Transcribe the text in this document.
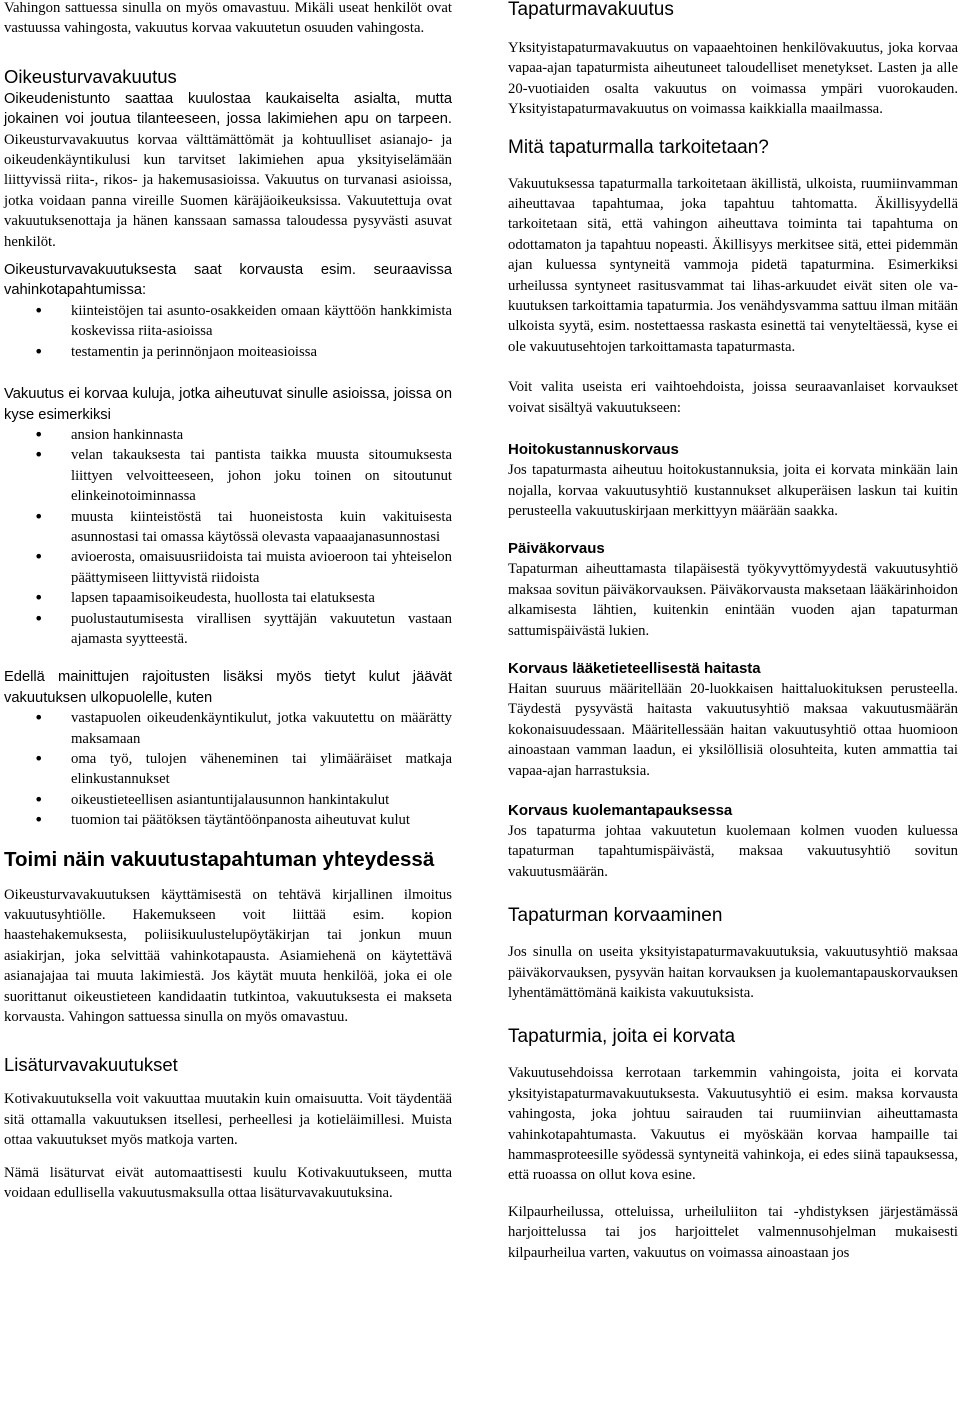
Vahingon sattuessa sinulla on myös omavastuu. Mikäli useat henkilöt ovat vastuussa vahingosta, vakuutus korvaa vakuutetun osuuden vahingosta.

Oikeusturvavakuutus

Oikeudenistunto saattaa kuulostaa kaukaiselta asialta, mutta jokainen voi joutua tilanteeseen, jossa lakimiehen apu on tarpeen. Oikeusturvavakuutus korvaa välttämättömät ja kohtuulliset asianajo- ja oikeudenkäyntikulusi kun tarvitset lakimiehen apua yksityiselämään liittyvissä riita-, rikos- ja hakemusasioissa. Vakuutus on turvanasi asioissa, jotka voidaan panna vireille Suomen käräjäoikeuksissa. Vakuutettuja ovat vakuutuksenottaja ja hänen kanssaan samassa taloudessa pysyvästi asuvat henkilöt.

Oikeusturvavakuutuksesta saat korvausta esim. seuraavissa vahinkotapahtumissa:

• kiinteistöjen tai asunto-osakkeiden omaan käyttöön hankkimista koskevissa riita-asioissa
• testamentin ja perinnönjaon moiteasioissa

Vakuutus ei korvaa kuluja, jotka aiheutuvat sinulle asioissa, joissa on kyse esimerkiksi

• ansion hankinnasta
• velan takauksesta tai pantista taikka muusta sitoumuksesta liittyen velvoitteeseen, johon joku toinen on sitoutunut elinkeinotoiminnassa
• muusta kiinteistöstä tai huoneistosta kuin vakituisesta asunnostasi tai omassa käytössä olevasta vapaaajanasunnostasi
• avioerosta, omaisuusriidoista tai muista avioeroon tai yhteiselon päättymiseen liittyvistä riidoista
• lapsen tapaamisoikeudesta, huollosta tai elatuksesta
• puolustautumisesta virallisen syyttäjän vakuutetun vastaan ajamasta syytteestä.

Edellä mainittujen rajoitusten lisäksi myös tietyt kulut jäävät vakuutuksen ulkopuolelle, kuten

• vastapuolen oikeudenkäyntikulut, jotka vakuutettu on määrätty maksamaan
• oma työ, tulojen väheneminen tai ylimääräiset matkaja elinkustannukset
• oikeustieteellisen asiantuntijalausunnon hankintakulut
• tuomion tai päätöksen täytäntöönpanosta aiheutuvat kulut
Toimi näin vakuutustapahtuman yhteydessä

Oikeusturvavakuutuksen käyttämisestä on tehtävä kirjallinen ilmoitus vakuutusyhtiölle. Hakemukseen voit liittää esim. kopion haastehakemuksesta, poliisikuulustelupöytäkirjan tai jonkun muun asiakirjan, joka selvittää vahinkotapausta. Asiamiehenä on käytettävä asianajajaa tai muuta lakimiestä. Jos käytät muuta henkilöä, joka ei ole suorittanut oikeustieteen kandidaatin tutkintoa, vakuutuksesta ei makseta korvausta. Vahingon sattuessa sinulla on myös omavastuu.

Lisäturvavakuutukset

Kotivakuutuksella voit vakuuttaa muutakin kuin omaisuutta. Voit täydentää sitä ottamalla vakuutuksen itsellesi, perheellesi ja kotieläimillesi. Muista ottaa vakuutukset myös matkoja varten.

Nämä lisäturvat eivät automaattisesti kuulu Kotivakuutukseen, mutta voidaan edullisella vakuutusmaksulla ottaa lisäturvavakuutuksina.

Tapaturmavakuutus

Yksityistapaturmavakuutus on vapaaehtoinen henkilövakuutus, joka korvaa vapaa-ajan tapaturmista aiheutuneet taloudelliset menetykset. Lasten ja alle 20-vuotiaiden osalta vakuutus on voimassa ympäri vuorokauden. Yksityistapaturmavakuutus on voimassa kaikkialla maailmassa.

Mitä tapaturmalla tarkoitetaan?

Vakuutuksessa tapaturmalla tarkoitetaan äkillistä, ulkoista, ruumiinvamman aiheuttavaa tapahtumaa, joka tapahtuu tahtomatta. Äkillisyydellä tarkoitetaan sitä, että vahingon aiheuttava toiminta tai tapahtuma on odottamaton ja tapahtuu nopeasti. Äkillisyys merkitsee sitä, ettei pidemmän ajan kuluessa syntyneitä vammoja pidetä tapaturmina. Esimerkiksi urheilussa syntyneet rasitusvammat tai lihas-arkuudet eivät siten ole vakuutuksen tarkoittamia tapaturmia. Jos venähdysvamma sattuu ilman mitään ulkoista syytä, esim. nostettaessa raskasta esinettä tai venyteltäessä, kyse ei ole vakuutusehtojen tarkoittamasta tapaturmasta.

Voit valita useista eri vaihtoehdoista, joissa seuraavanlaiset korvaukset voivat sisältyä vakuutukseen:

Hoitokustannuskorvaus

Jos tapaturmasta aiheutuu hoitokustannuksia, joita ei korvata minkään lain nojalla, korvaa vakuutusyhtiö kustannukset alkuperäisen laskun tai kuitin perusteella vakuutuskirjaan merkittyyn määrään saakka.

Päiväkorvaus

Tapaturman aiheuttamasta tilapäisestä työkyvyttömyydestä vakuutusyhtiö maksaa sovitun päiväkorvauksen. Päiväkorvausta maksetaan lääkärinhoidon alkamisesta lähtien, kuitenkin enintään vuoden ajan tapaturman sattumispäivästä lukien.

Korvaus lääketieteellisestä haitasta

Haitan suuruus määritellään 20-luokkaisen haittaluokituksen perusteella. Täydestä pysyvästä haitasta vakuutusyhtiö maksaa vakuutusmäärän kokonaisuudessaan. Määritellessään haitan vakuutusyhtiö ottaa huomioon ainoastaan vamman laadun, ei yksilöllisiä olosuhteita, kuten ammattia tai vapaa-ajan harrastuksia.

Korvaus kuolemantapauksessa

Jos tapaturma johtaa vakuutetun kuolemaan kolmen vuoden kuluessa tapaturman tapahtumispäivästä, maksaa vakuutusyhtiö sovitun vakuutusmäärän.

Tapaturman korvaaminen

Jos sinulla on useita yksityistapaturmavakuutuksia, vakuutusyhtiö maksaa päiväkorvauksen, pysyvän haitan korvauksen ja kuolemantapauskorvauksen lyhentämättömänä kaikista vakuutuksista.

Tapaturmia, joita ei korvata

Vakuutusehdoissa kerrotaan tarkemmin vahingoista, joita ei korvata yksityistapaturmavakuutuksesta. Vakuutusyhtiö ei esim. maksa korvausta vahingosta, joka johtuu sairauden tai ruumiinvian aiheuttamasta vahinkotapahtumasta. Vakuutus ei myöskään korvaa hampaille tai hammasproteesille syödessä syntyneitä vahinkoja, ei edes siinä tapauksessa, että ruoassa on ollut kova esine.

Kilpaurheilussa, otteluissa, urheiluliiton tai -yhdistyksen järjestämässä harjoittelussa tai jos harjoittelet valmennusohjelman mukaisesti kilpaurheilua varten, vakuutus on voimassa ainoastaan jos
